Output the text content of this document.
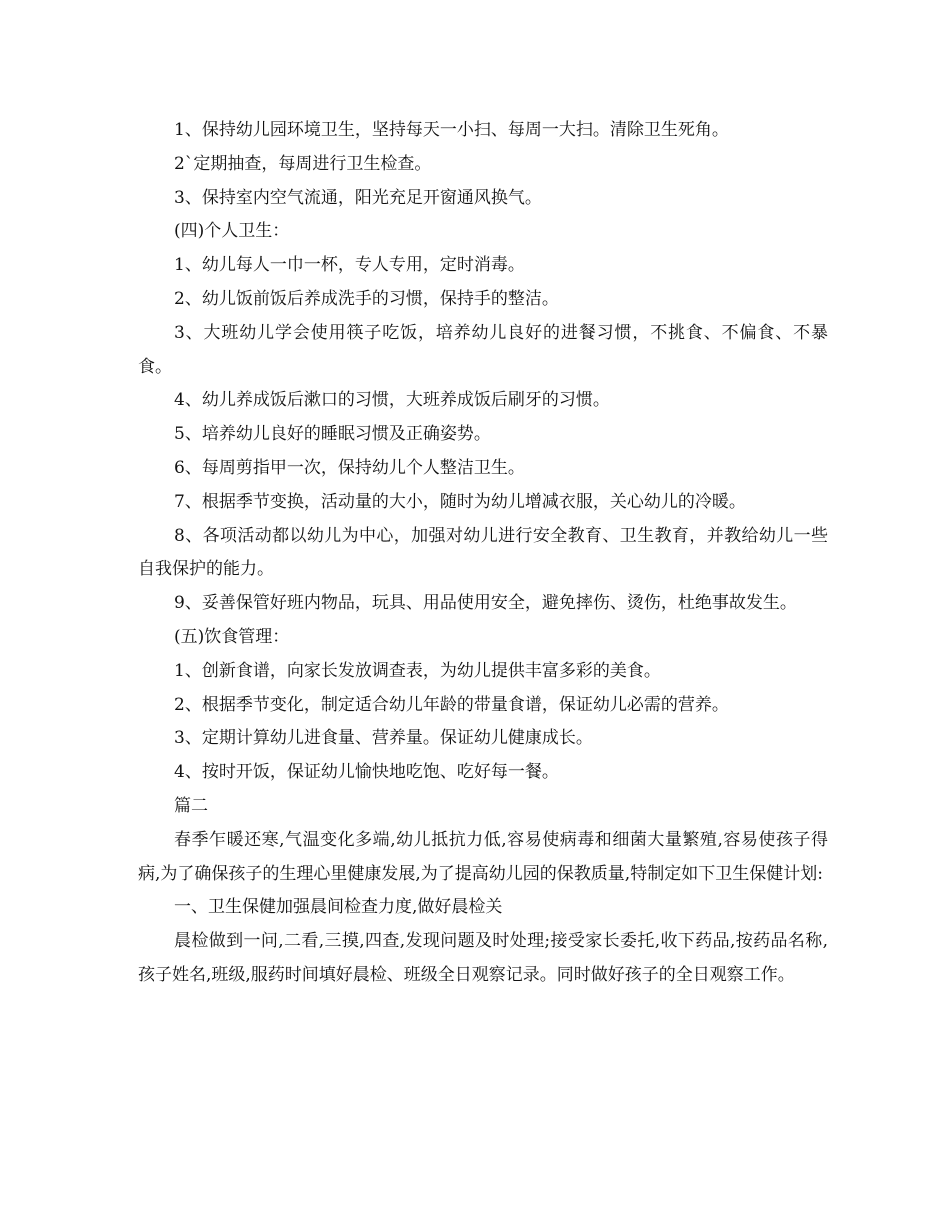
1、保持幼儿园环境卫生，坚持每天一小扫、每周一大扫。清除卫生死角。

2`定期抽查，每周进行卫生检查。

3、保持室内空气流通，阳光充足开窗通风换气。

(四)个人卫生：

1、幼儿每人一巾一杯，专人专用，定时消毒。

2、幼儿饭前饭后养成洗手的习惯，保持手的整洁。

3、大班幼儿学会使用筷子吃饭，培养幼儿良好的进餐习惯，不挑食、不偏食、不暴食。

4、幼儿养成饭后漱口的习惯，大班养成饭后刷牙的习惯。

5、培养幼儿良好的睡眠习惯及正确姿势。

6、每周剪指甲一次，保持幼儿个人整洁卫生。

7、根据季节变换，活动量的大小，随时为幼儿增减衣服，关心幼儿的冷暖。

8、各项活动都以幼儿为中心，加强对幼儿进行安全教育、卫生教育，并教给幼儿一些自我保护的能力。

9、妥善保管好班内物品，玩具、用品使用安全，避免摔伤、烫伤，杜绝事故发生。

(五)饮食管理：

1、创新食谱，向家长发放调查表，为幼儿提供丰富多彩的美食。

2、根据季节变化，制定适合幼儿年龄的带量食谱，保证幼儿必需的营养。

3、定期计算幼儿进食量、营养量。保证幼儿健康成长。

4、按时开饭，保证幼儿愉快地吃饱、吃好每一餐。

篇二

春季乍暖还寒,气温变化多端,幼儿抵抗力低,容易使病毒和细菌大量繁殖,容易使孩子得病,为了确保孩子的生理心里健康发展,为了提高幼儿园的保教质量,特制定如下卫生保健计划:

一、卫生保健加强晨间检查力度,做好晨检关

晨检做到一问,二看,三摸,四查,发现问题及时处理;接受家长委托,收下药品,按药品名称,孩子姓名,班级,服药时间填好晨检、班级全日观察记录。同时做好孩子的全日观察工作。
